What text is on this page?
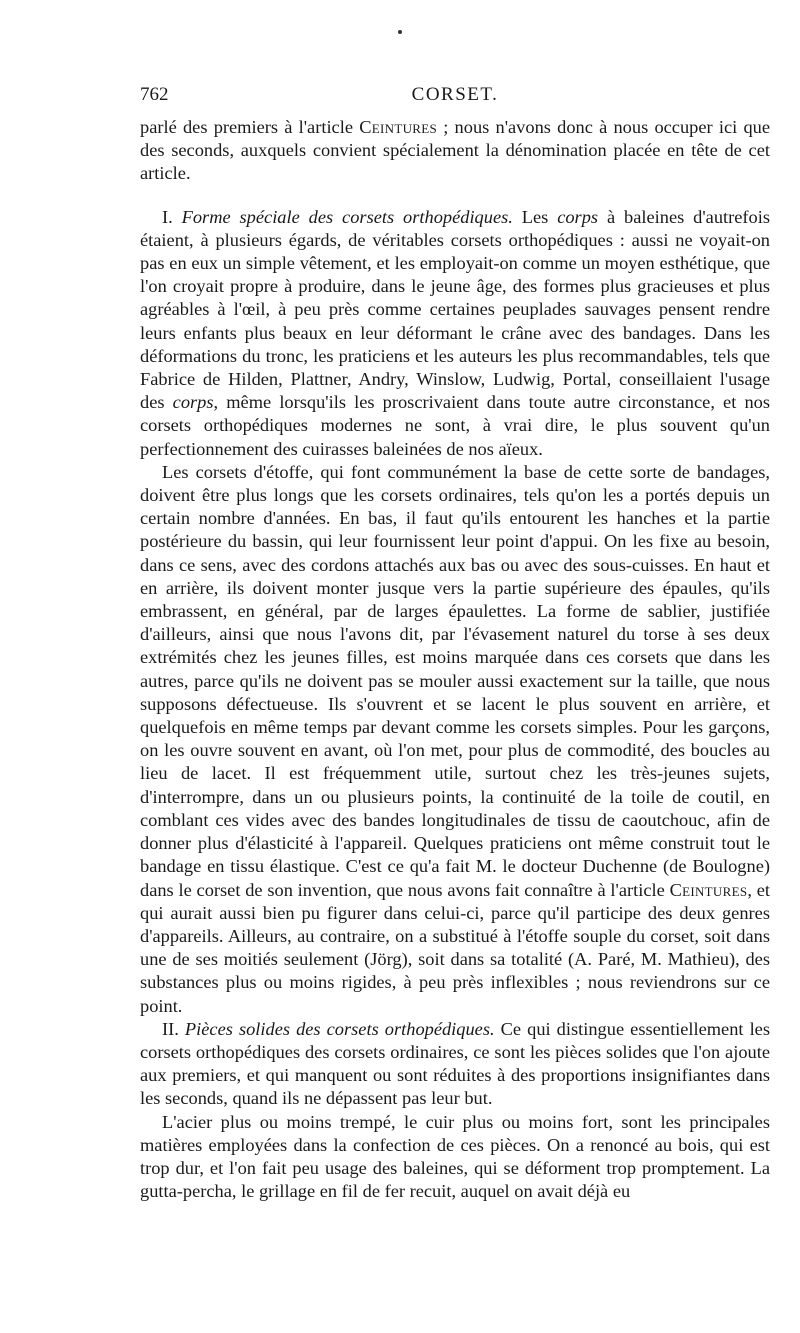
762	CORSET.

parlé des premiers à l'article Ceintures ; nous n'avons donc à nous occuper ici que des seconds, auxquels convient spécialement la dénomination placée en tête de cet article.

I. Forme spéciale des corsets orthopédiques. Les corps à baleines d'autrefois étaient, à plusieurs égards, de véritables corsets orthopédiques : aussi ne voyait-on pas en eux un simple vêtement, et les employait-on comme un moyen esthétique, que l'on croyait propre à produire, dans le jeune âge, des formes plus gracieuses et plus agréables à l'œil, à peu près comme certaines peuplades sauvages pensent rendre leurs enfants plus beaux en leur déformant le crâne avec des bandages. Dans les déformations du tronc, les praticiens et les auteurs les plus recommandables, tels que Fabrice de Hilden, Plattner, Andry, Winslow, Ludwig, Portal, conseillaient l'usage des corps, même lorsqu'ils les proscrivaient dans toute autre circonstance, et nos corsets orthopédiques modernes ne sont, à vrai dire, le plus souvent qu'un perfectionnement des cuirasses baleinées de nos aïeux.

Les corsets d'étoffe, qui font communément la base de cette sorte de bandages, doivent être plus longs que les corsets ordinaires, tels qu'on les a portés depuis un certain nombre d'années. En bas, il faut qu'ils entourent les hanches et la partie postérieure du bassin, qui leur fournissent leur point d'appui. On les fixe au besoin, dans ce sens, avec des cordons attachés aux bas ou avec des sous-cuisses. En haut et en arrière, ils doivent monter jusque vers la partie supérieure des épaules, qu'ils embrassent, en général, par de larges épaulettes. La forme de sablier, justifiée d'ailleurs, ainsi que nous l'avons dit, par l'évasement naturel du torse à ses deux extrémités chez les jeunes filles, est moins marquée dans ces corsets que dans les autres, parce qu'ils ne doivent pas se mouler aussi exactement sur la taille, que nous supposons défectueuse. Ils s'ouvrent et se lacent le plus souvent en arrière, et quelquefois en même temps par devant comme les corsets simples. Pour les garçons, on les ouvre souvent en avant, où l'on met, pour plus de commodité, des boucles au lieu de lacet. Il est fréquemment utile, surtout chez les très-jeunes sujets, d'interrompre, dans un ou plusieurs points, la continuité de la toile de coutil, en comblant ces vides avec des bandes longitudinales de tissu de caoutchouc, afin de donner plus d'élasticité à l'appareil. Quelques praticiens ont même construit tout le bandage en tissu élastique. C'est ce qu'a fait M. le docteur Duchenne (de Boulogne) dans le corset de son invention, que nous avons fait connaître à l'article Ceintures, et qui aurait aussi bien pu figurer dans celui-ci, parce qu'il participe des deux genres d'appareils. Ailleurs, au contraire, on a substitué à l'étoffe souple du corset, soit dans une de ses moitiés seulement (Jörg), soit dans sa totalité (A. Paré, M. Mathieu), des substances plus ou moins rigides, à peu près inflexibles ; nous reviendrons sur ce point.

II. Pièces solides des corsets orthopédiques. Ce qui distingue essentiellement les corsets orthopédiques des corsets ordinaires, ce sont les pièces solides que l'on ajoute aux premiers, et qui manquent ou sont réduites à des proportions insignifiantes dans les seconds, quand ils ne dépassent pas leur but.

L'acier plus ou moins trempé, le cuir plus ou moins fort, sont les principales matières employées dans la confection de ces pièces. On a renoncé au bois, qui est trop dur, et l'on fait peu usage des baleines, qui se déforment trop promptement. La gutta-percha, le grillage en fil de fer recuit, auquel on avait déjà eu
